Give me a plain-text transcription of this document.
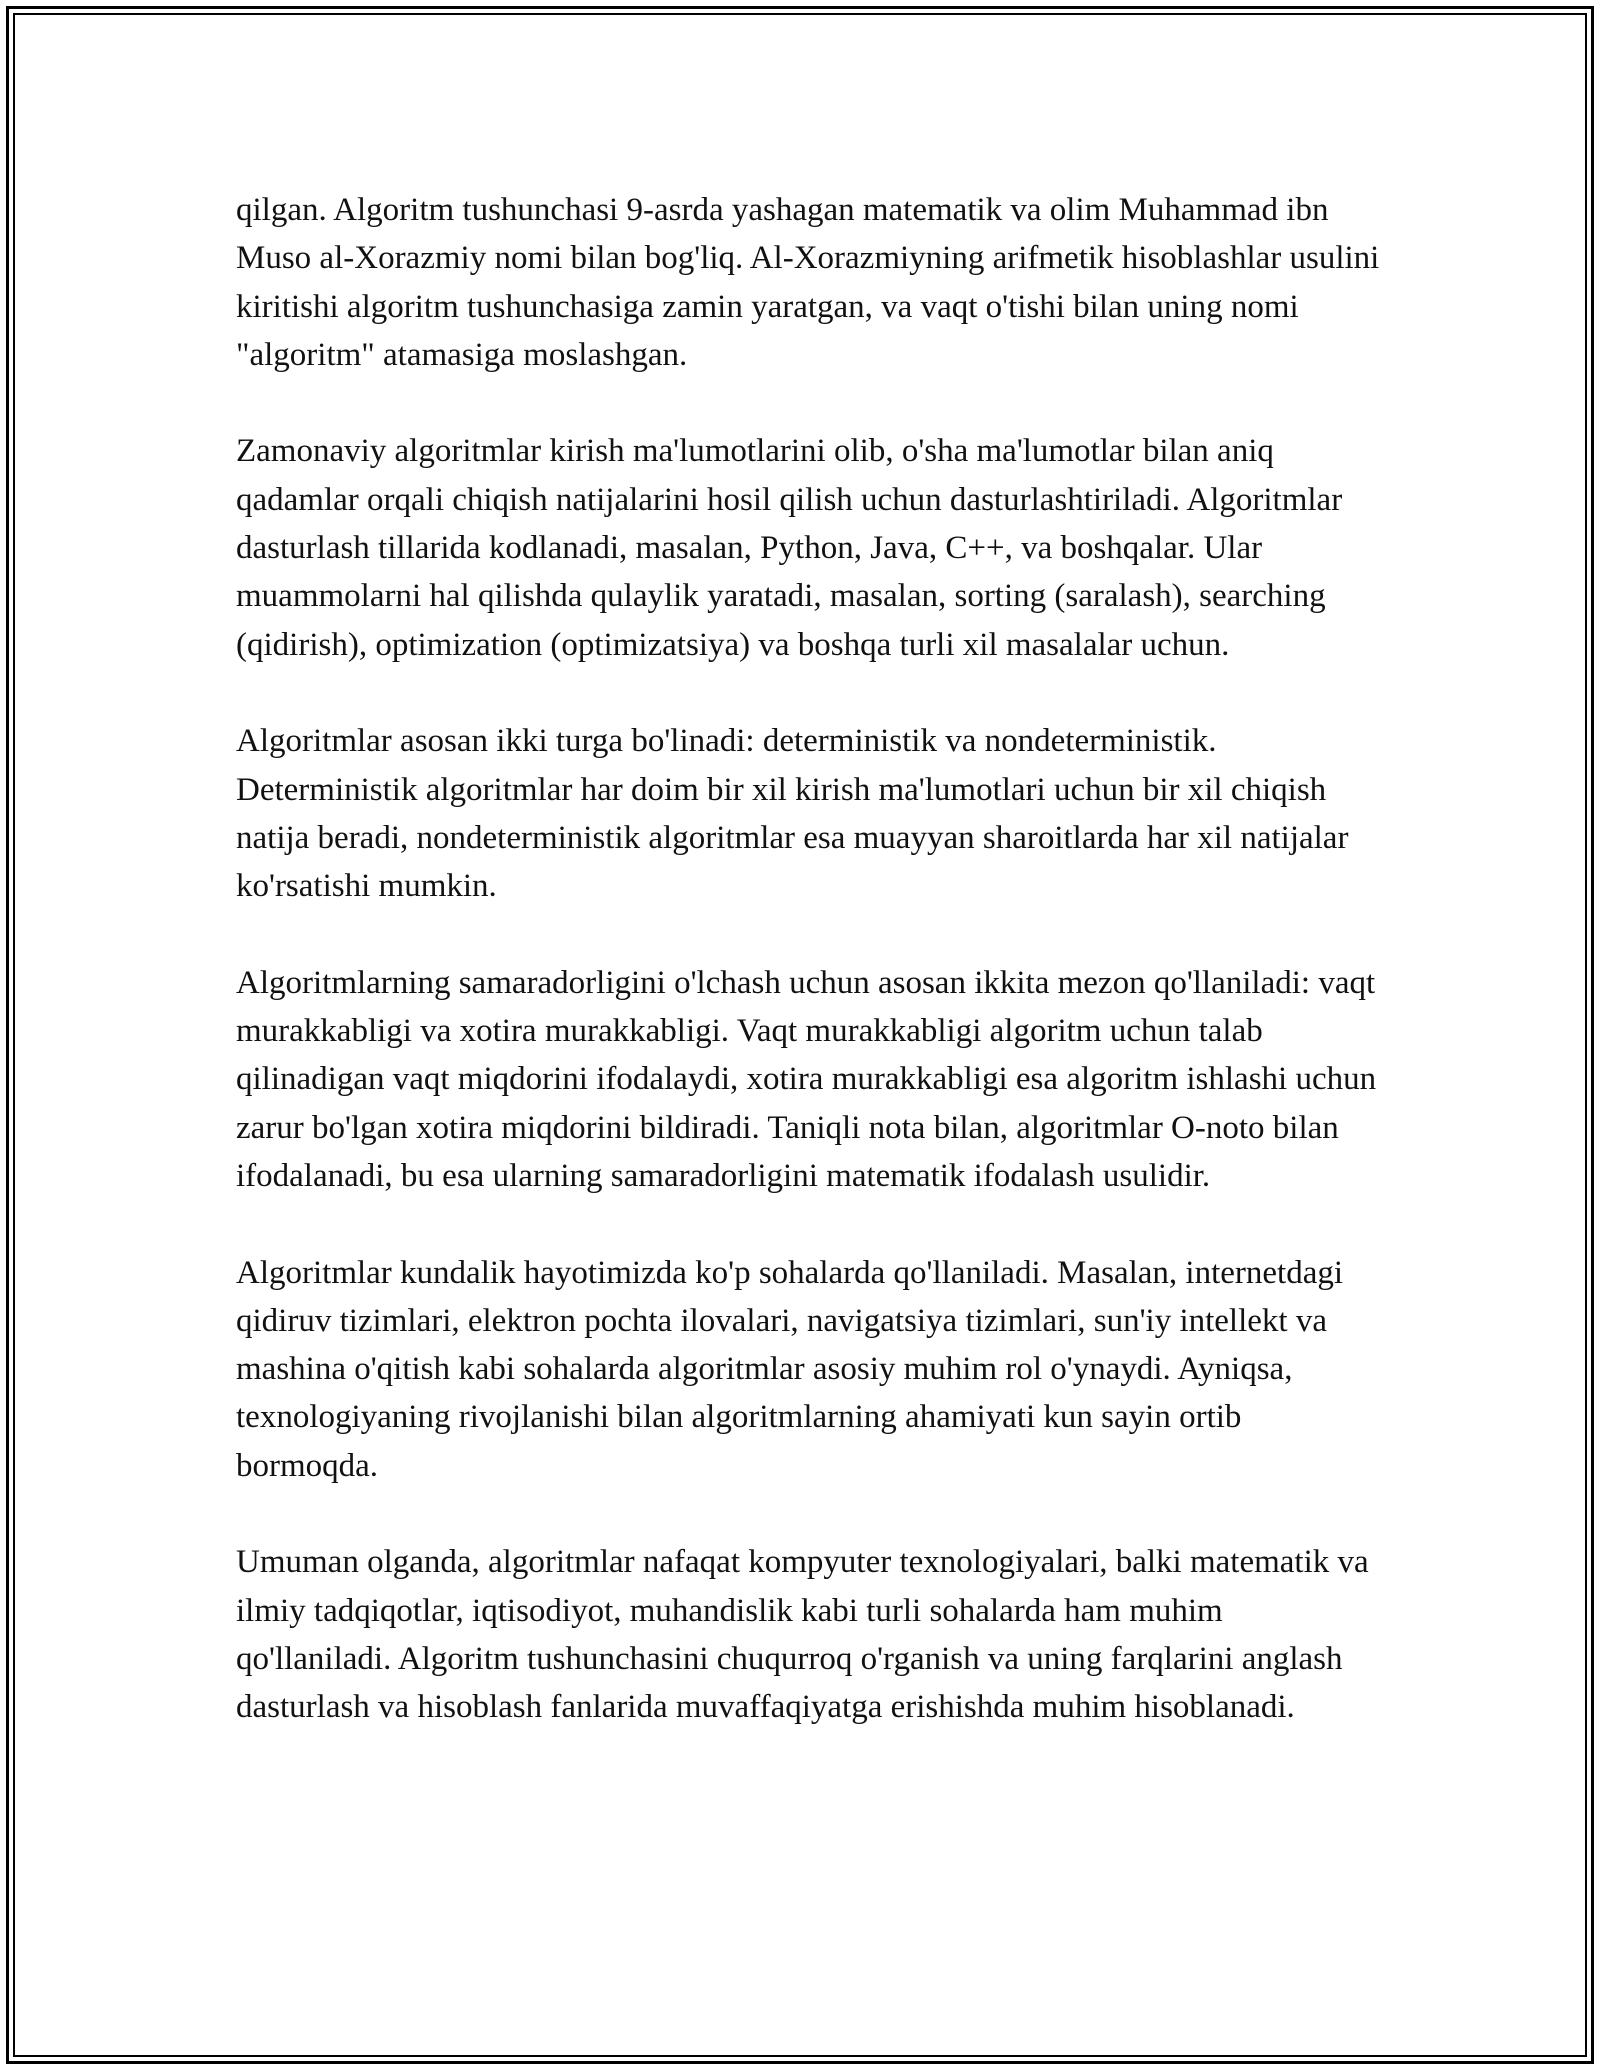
qilgan. Algoritm tushunchasi 9-asrda yashagan matematik va olim Muhammad ibn Muso al-Xorazmiy nomi bilan bog'liq. Al-Xorazmiyning arifmetik hisoblashlar usulini kiritishi algoritm tushunchasiga zamin yaratgan, va vaqt o'tishi bilan uning nomi "algoritm" atamasiga moslashgan.

Zamonaviy algoritmlar kirish ma'lumotlarini olib, o'sha ma'lumotlar bilan aniq qadamlar orqali chiqish natijalarini hosil qilish uchun dasturlashtiriladi. Algoritmlar dasturlash tillarida kodlanadi, masalan, Python, Java, C++, va boshqalar. Ular muammolarni hal qilishda qulaylik yaratadi, masalan, sorting (saralash), searching (qidirish), optimization (optimizatsiya) va boshqa turli xil masalalar uchun.

Algoritmlar asosan ikki turga bo'linadi: deterministik va nondeterministik. Deterministik algoritmlar har doim bir xil kirish ma'lumotlari uchun bir xil chiqish natija beradi, nondeterministik algoritmlar esa muayyan sharoitlarda har xil natijalar ko'rsatishi mumkin.

Algoritmlarning samaradorligini o'lchash uchun asosan ikkita mezon qo'llaniladi: vaqt murakkabligi va xotira murakkabligi. Vaqt murakkabligi algoritm uchun talab qilinadigan vaqt miqdorini ifodalaydi, xotira murakkabligi esa algoritm ishlashi uchun zarur bo'lgan xotira miqdorini bildiradi. Taniqli nota bilan, algoritmlar O-noto bilan ifodalanadi, bu esa ularning samaradorligini matematik ifodalash usulidir.

Algoritmlar kundalik hayotimizda ko'p sohalarda qo'llaniladi. Masalan, internetdagi qidiruv tizimlari, elektron pochta ilovalari, navigatsiya tizimlari, sun'iy intellekt va mashina o'qitish kabi sohalarda algoritmlar asosiy muhim rol o'ynaydi. Ayniqsa, texnologiyaning rivojlanishi bilan algoritmlarning ahamiyati kun sayin ortib bormoqda.

Umuman olganda, algoritmlar nafaqat kompyuter texnologiyalari, balki matematik va ilmiy tadqiqotlar, iqtisodiyot, muhandislik kabi turli sohalarda ham muhim qo'llaniladi. Algoritm tushunchasini chuqurroq o'rganish va uning farqlarini anglash dasturlash va hisoblash fanlarida muvaffaqiyatga erishishda muhim hisoblanadi.
